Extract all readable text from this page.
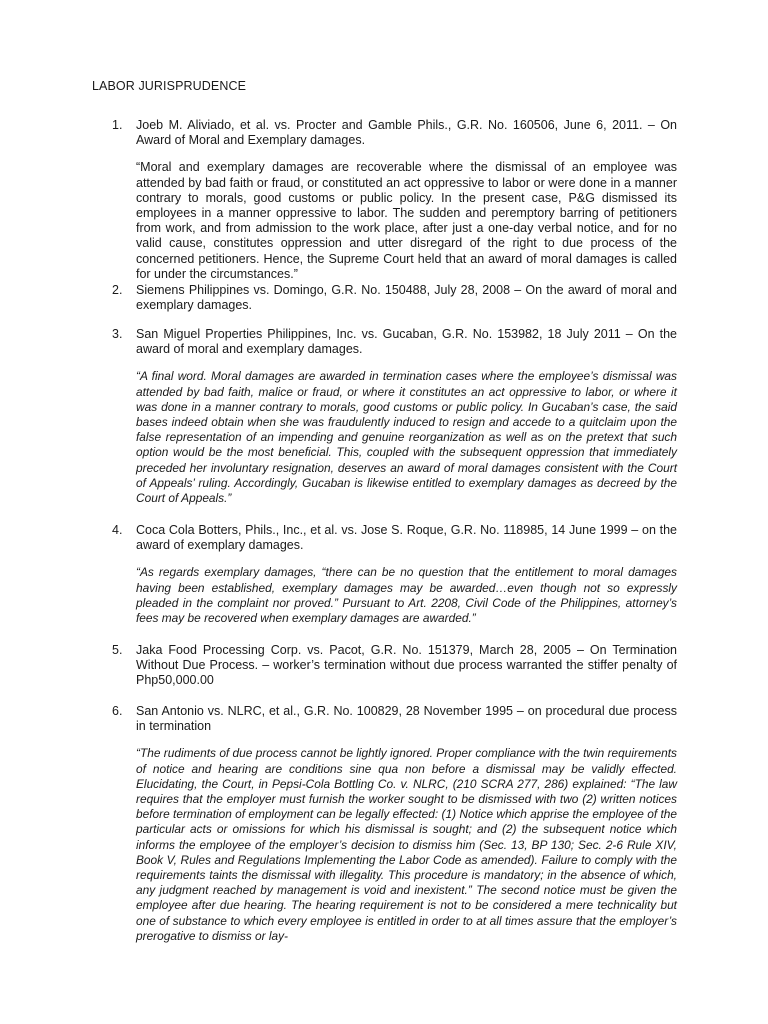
LABOR JURISPRUDENCE
1.	Joeb M. Aliviado, et al. vs. Procter and Gamble Phils., G.R. No. 160506, June 6, 2011. – On Award of Moral and Exemplary damages.
“Moral and exemplary damages are recoverable where the dismissal of an employee was attended by bad faith or fraud, or constituted an act oppressive to labor or were done in a manner contrary to morals, good customs or public policy. In the present case, P&G dismissed its employees in a manner oppressive to labor. The sudden and peremptory barring of petitioners from work, and from admission to the work place, after just a one-day verbal notice, and for no valid cause, constitutes oppression and utter disregard of the right to due process of the concerned petitioners. Hence, the Supreme Court held that an award of moral damages is called for under the circumstances.”
2.	Siemens Philippines vs. Domingo, G.R. No. 150488, July 28, 2008 – On the award of moral and exemplary damages.
3.	San Miguel Properties Philippines, Inc. vs. Gucaban, G.R. No. 153982, 18 July 2011 – On the award of moral and exemplary damages.
“A final word. Moral damages are awarded in termination cases where the employee’s dismissal was attended by bad faith, malice or fraud, or where it constitutes an act oppressive to labor, or where it was done in a manner contrary to morals, good customs or public policy. In Gucaban’s case, the said bases indeed obtain when she was fraudulently induced to resign and accede to a quitclaim upon the false representation of an impending and genuine reorganization as well as on the pretext that such option would be the most beneficial. This, coupled with the subsequent oppression that immediately preceded her involuntary resignation, deserves an award of moral damages consistent with the Court of Appeals’ ruling. Accordingly, Gucaban is likewise entitled to exemplary damages as decreed by the Court of Appeals.”
4.	Coca Cola Botters, Phils., Inc., et al. vs. Jose S. Roque, G.R. No. 118985, 14 June 1999 – on the award of exemplary damages.
“As regards exemplary damages, “there can be no question that the entitlement to moral damages having been established, exemplary damages may be awarded…even though not so expressly pleaded in the complaint nor proved.” Pursuant to Art. 2208, Civil Code of the Philippines, attorney’s fees may be recovered when exemplary damages are awarded.”
5.	Jaka Food Processing Corp. vs. Pacot, G.R. No. 151379, March 28, 2005 – On Termination Without Due Process. – worker’s termination without due process warranted the stiffer penalty of Php50,000.00
6.	San Antonio vs. NLRC, et al., G.R. No. 100829, 28 November 1995 – on procedural due process in termination
“The rudiments of due process cannot be lightly ignored. Proper compliance with the twin requirements of notice and hearing are conditions sine qua non before a dismissal may be validly effected. Elucidating, the Court, in Pepsi-Cola Bottling Co. v. NLRC, (210 SCRA 277, 286) explained: “The law requires that the employer must furnish the worker sought to be dismissed with two (2) written notices before termination of employment can be legally effected: (1) Notice which apprise the employee of the particular acts or omissions for which his dismissal is sought; and (2) the subsequent notice which informs the employee of the employer’s decision to dismiss him (Sec. 13, BP 130; Sec. 2-6 Rule XIV, Book V, Rules and Regulations Implementing the Labor Code as amended). Failure to comply with the requirements taints the dismissal with illegality. This procedure is mandatory; in the absence of which, any judgment reached by management is void and inexistent.” The second notice must be given the employee after due hearing. The hearing requirement is not to be considered a mere technicality but one of substance to which every employee is entitled in order to at all times assure that the employer’s prerogative to dismiss or lay-
